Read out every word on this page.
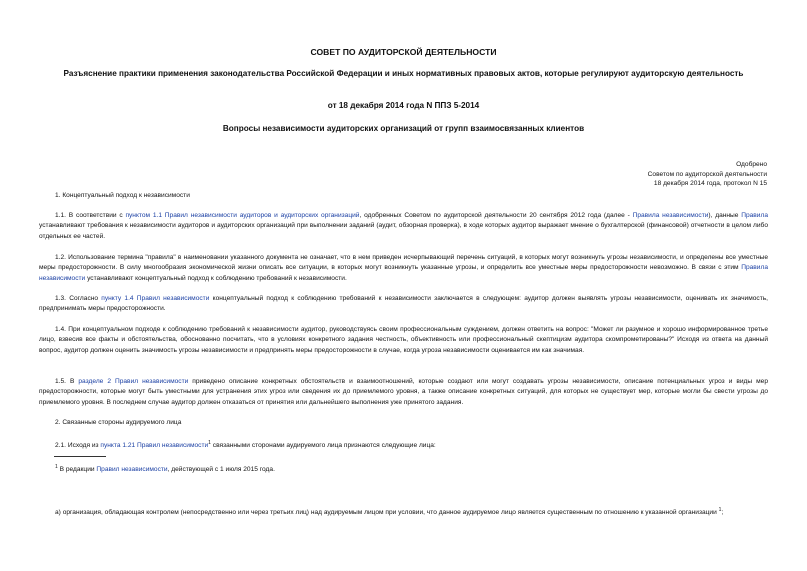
СОВЕТ ПО АУДИТОРСКОЙ ДЕЯТЕЛЬНОСТИ
Разъяснение практики применения законодательства Российской Федерации и иных нормативных правовых актов, которые регулируют аудиторскую деятельность
от 18 декабря 2014 года N ППЗ 5-2014
Вопросы независимости аудиторских организаций от групп взаимосвязанных клиентов
Одобрено
Советом по аудиторской деятельности
18 декабря 2014 года, протокол N 15

1. Концептуальный подход к независимости

1.1. В соответствии с пунктом 1.1 Правил независимости аудиторов и аудиторских организаций, одобренных Советом по аудиторской деятельности 20 сентября 2012 года (далее - Правила независимости), данные Правила устанавливают требования к независимости аудиторов и аудиторских организаций при выполнении заданий (аудит, обзорная проверка), в ходе которых аудитор выражает мнение о бухгалтерской (финансовой) отчетности в целом либо отдельных ее частей.

1.2. Использование термина "правила" в наименовании указанного документа не означает, что в нем приведен исчерпывающий перечень ситуаций, в которых могут возникнуть угрозы независимости, и определены все уместные меры предосторожности. В силу многообразия экономической жизни описать все ситуации, в которых могут возникнуть указанные угрозы, и определить все уместные меры предосторожности невозможно. В связи с этим Правила независимости устанавливают концептуальный подход к соблюдению требований к независимости.

1.3. Согласно пункту 1.4 Правил независимости концептуальный подход к соблюдению требований к независимости заключается в следующем: аудитор должен выявлять угрозы независимости, оценивать их значимость, предпринимать меры предосторожности.

1.4. При концептуальном подходе к соблюдению требований к независимости аудитор, руководствуясь своим профессиональным суждением, должен ответить на вопрос: "Может ли разумное и хорошо информированное третье лицо, взвесив все факты и обстоятельства, обоснованно посчитать, что в условиях конкретного задания честность, объективность или профессиональный скептицизм аудитора скомпрометированы?" Исходя из ответа на данный вопрос, аудитор должен оценить значимость угрозы независимости и предпринять меры предосторожности в случае, когда угроза независимости оценивается им как значимая.

1.5. В разделе 2 Правил независимости приведено описание конкретных обстоятельств и взаимоотношений, которые создают или могут создавать угрозы независимости, описание потенциальных угроз и виды мер предосторожности, которые могут быть уместными для устранения этих угроз или сведения их до приемлемого уровня, а также описание конкретных ситуаций, для которых не существует мер, которые могли бы свести угрозы до приемлемого уровня. В последнем случае аудитор должен отказаться от принятия или дальнейшего выполнения уже принятого задания.

2. Связанные стороны аудируемого лица

2.1. Исходя из пункта 1.21 Правил независимости$^1$ связанными сторонами аудируемого лица признаются следующие лица:

$^1$ В редакции Правил независимости, действующей с 1 июля 2015 года.

а) организация, обладающая контролем (непосредственно или через третьих лиц) над аудируемым лицом при условии, что данное аудируемое лицо является существенным по отношению к указанной организации $^1$;
